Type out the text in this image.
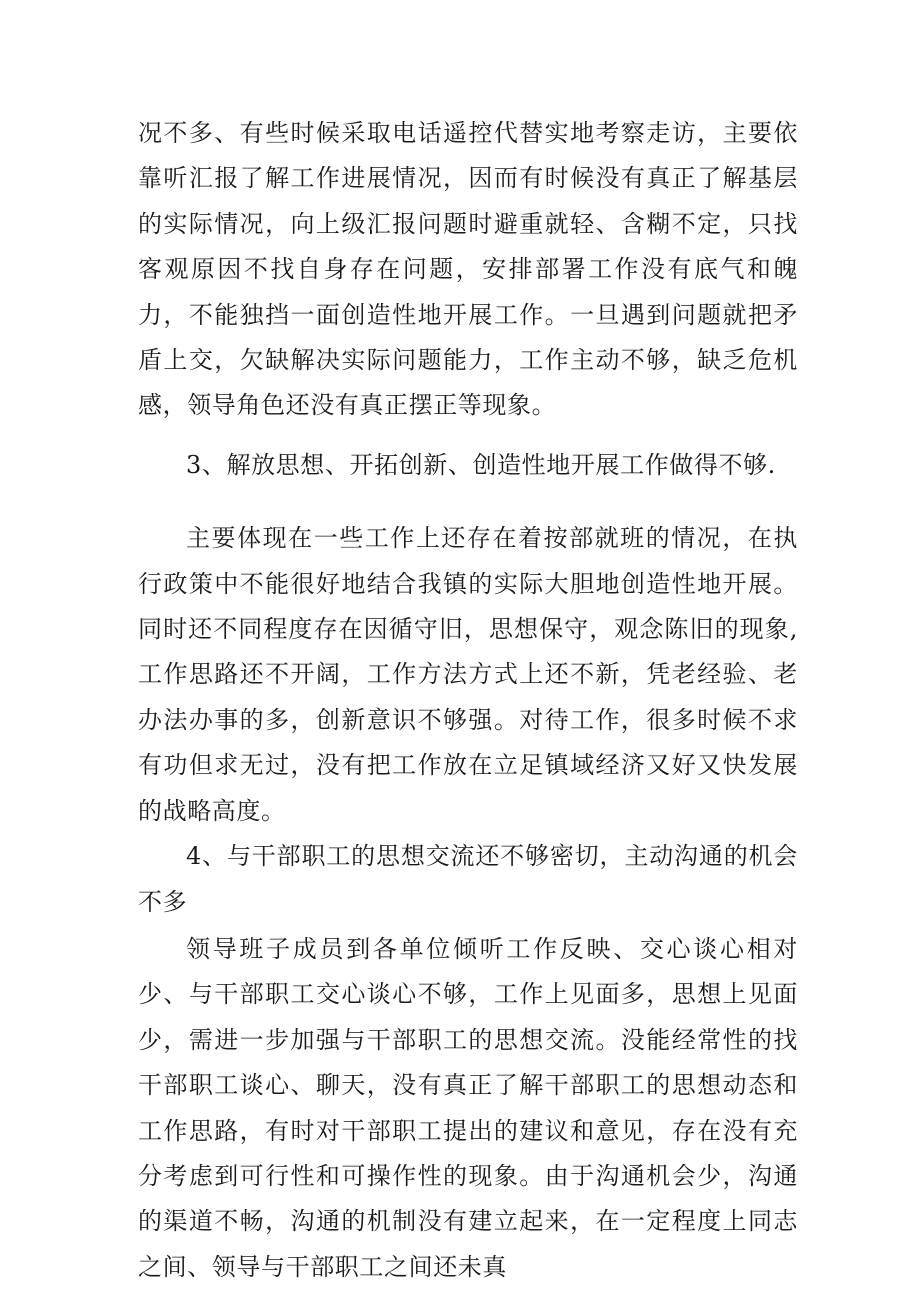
况不多、有些时候采取电话遥控代替实地考察走访，主要依靠听汇报了解工作进展情况，因而有时候没有真正了解基层的实际情况，向上级汇报问题时避重就轻、含糊不定，只找客观原因不找自身存在问题，安排部署工作没有底气和魄力，不能独挡一面创造性地开展工作。一旦遇到问题就把矛盾上交，欠缺解决实际问题能力，工作主动不够，缺乏危机感，领导角色还没有真正摆正等现象。

3、解放思想、开拓创新、创造性地开展工作做得不够.

主要体现在一些工作上还存在着按部就班的情况，在执行政策中不能很好地结合我镇的实际大胆地创造性地开展。同时还不同程度存在因循守旧，思想保守，观念陈旧的现象,工作思路还不开阔，工作方法方式上还不新，凭老经验、老办法办事的多，创新意识不够强。对待工作，很多时候不求有功但求无过，没有把工作放在立足镇域经济又好又快发展的战略高度。

4、与干部职工的思想交流还不够密切，主动沟通的机会不多

领导班子成员到各单位倾听工作反映、交心谈心相对少、与干部职工交心谈心不够，工作上见面多，思想上见面少，需进一步加强与干部职工的思想交流。没能经常性的找干部职工谈心、聊天，没有真正了解干部职工的思想动态和工作思路，有时对干部职工提出的建议和意见，存在没有充分考虑到可行性和可操作性的现象。由于沟通机会少，沟通的渠道不畅，沟通的机制没有建立起来，在一定程度上同志之间、领导与干部职工之间还未真
